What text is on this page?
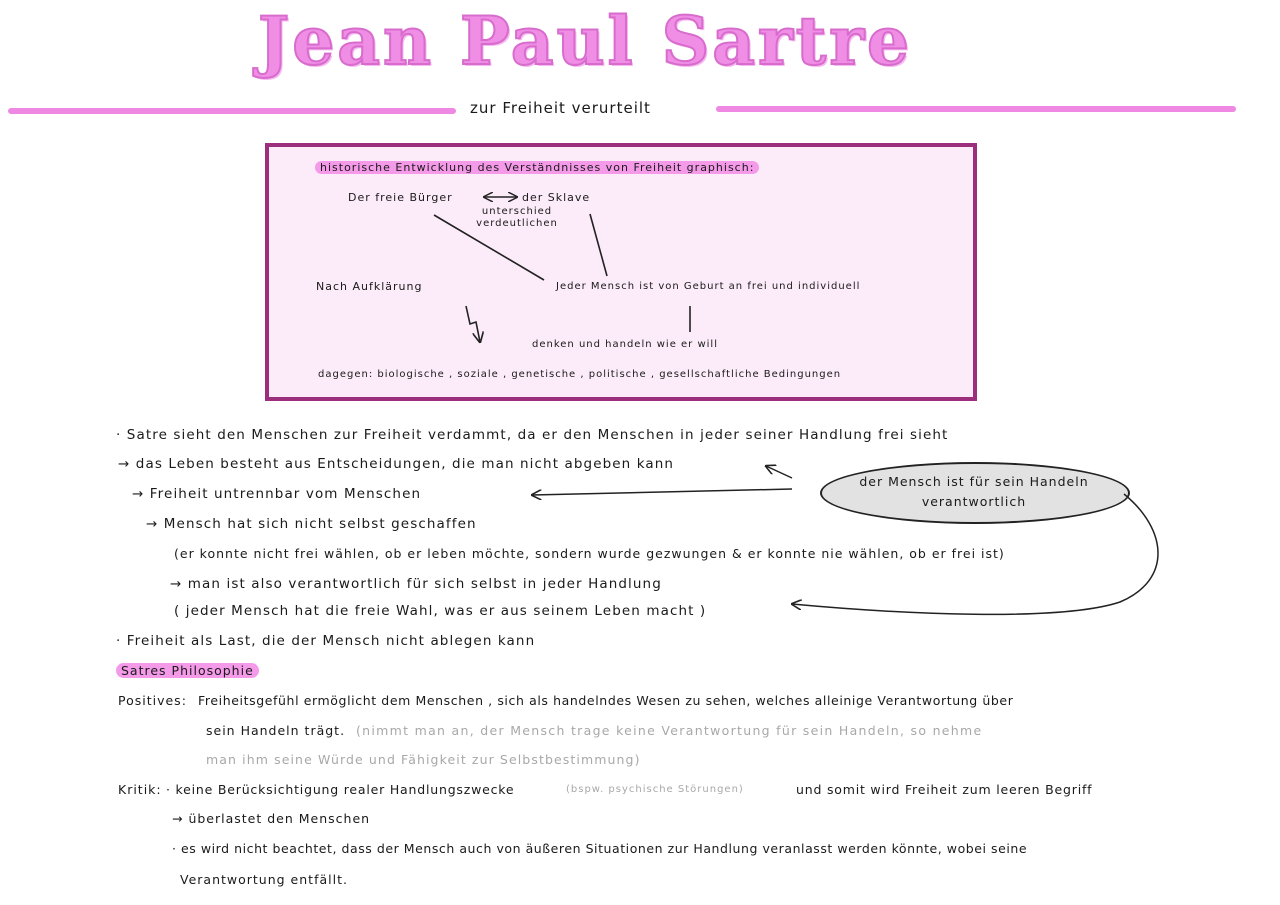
Jean Paul Sartre
zur Freiheit verurteilt
historische Entwicklung des Verständnisses von Freiheit graphisch:
Der freie Bürger	der Sklave
unterschied verdeutlichen
Nach Aufklärung	Jeder Mensch ist von Geburt an frei und individuell
denken und handeln wie er will
dagegen: biologische , soziale , genetische , politische , gesellschaftliche Bedingungen
· Satre sieht den Menschen zur Freiheit verdammt, da er den Menschen in jeder seiner Handlung frei sieht
→ das Leben besteht aus Entscheidungen, die man nicht abgeben kann
→ Freiheit untrennbar vom Menschen
→ Mensch hat sich nicht selbst geschaffen
(er konnte nicht frei wählen, ob er leben möchte, sondern wurde gezwungen & er konnte nie wählen, ob er frei ist)
→ man ist also verantwortlich für sich selbst in jeder Handlung
( jeder Mensch hat die freie Wahl, was er aus seinem Leben macht )
· Freiheit als Last, die der Mensch nicht ablegen kann
der Mensch ist für sein Handeln verantwortlich
Satres Philosophie
Positives: Freiheitsgefühl ermöglicht dem Menschen , sich als handelndes Wesen zu sehen, welches alleinige Verantwortung über
sein Handeln trägt. (nimmt man an, der Mensch trage keine Verantwortung für sein Handeln, so nehme
man ihm seine Würde und Fähigkeit zur Selbstbestimmung)
Kritik: · keine Berücksichtigung realer Handlungszwecke	(bspw. psychische Störungen)	und somit wird Freiheit zum leeren Begriff
→ überlastet den Menschen
· es wird nicht beachtet, dass der Mensch auch von äußeren Situationen zur Handlung veranlasst werden könnte, wobei seine
Verantwortung entfällt.
